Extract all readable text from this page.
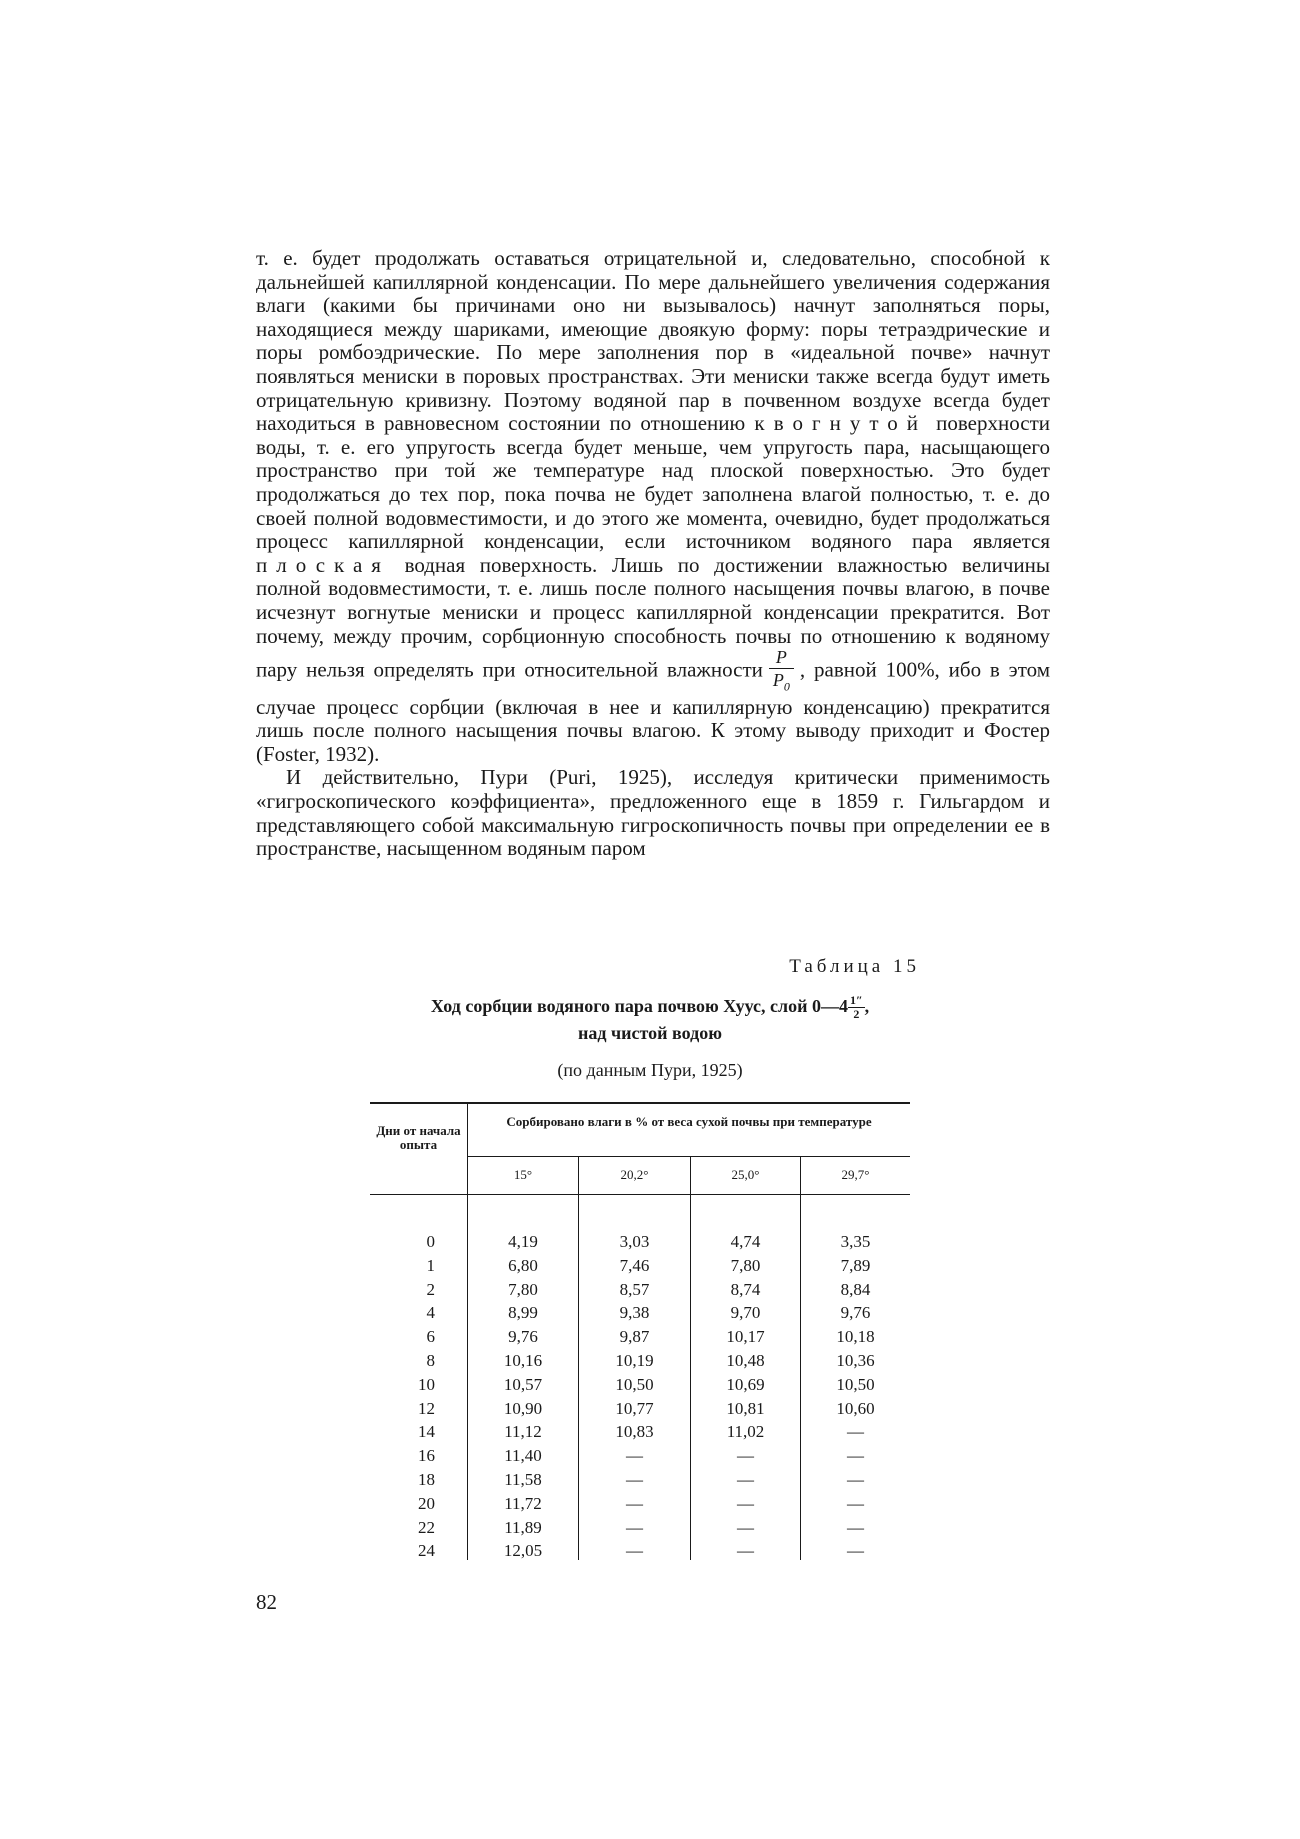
т. е. будет продолжать оставаться отрицательной и, следовательно, способной к дальнейшей капиллярной конденсации. По мере дальнейшего увеличения содержания влаги (какими бы причинами оно ни вызывалось) начнут заполняться поры, находящиеся между шариками, имеющие двоякую форму: поры тетраэдрические и поры ромбоэдрические. По мере заполнения пор в «идеальной почве» начнут появляться мениски в поровых пространствах. Эти мениски также всегда будут иметь отрицательную кривизну. Поэтому водяной пар в почвенном воздухе всегда будет находиться в равновесном состоянии по отношению к вогнутой поверхности воды, т. е. его упругость всегда будет меньше, чем упругость пара, насыщающего пространство при той же температуре над плоской поверхностью. Это будет продолжаться до тех пор, пока почва не будет заполнена влагой полностью, т. е. до своей полной водовместимости, и до этого же момента, очевидно, будет продолжаться процесс капиллярной конденсации, если источником водяного пара является плоская водная поверхность. Лишь по достижении влажностью величины полной водовместимости, т. е. лишь после полного насыщения почвы влагою, в почве исчезнут вогнутые мениски и процесс капиллярной конденсации прекратится. Вот почему, между прочим, сорбционную способность почвы по отношению к водяному пару нельзя определять при относительной влажности $\frac{P}{P_0}$ , равной 100%, ибо в этом случае процесс сорбции (включая в нее и капиллярную конденсацию) прекратится лишь после полного насыщения почвы влагою. К этому выводу приходит и Фостер (Foster, 1932).

И действительно, Пури (Puri, 1925), исследуя критически применимость «гигроскопического коэффициента», предложенного еще в 1859 г. Гильгардом и представляющего собой максимальную гигроскопичность почвы при определении ее в пространстве, насыщенном водяным паром

Таблица 15
Ход сорбции водяного пара почвою Хуус, слой 0—4 $\frac{1''}{2}$ ,
над чистой водою
(по данным Пури, 1925)
Дни от начала опыта
Сорбировано влаги в % от веса сухой почвы при температуре
15°	20,2°	25,0°	29,7°
0	4,19	3,03	4,74	3,35
1	6,80	7,46	7,80	7,89
2	7,80	8,57	8,74	8,84
4	8,99	9,38	9,70	9,76
6	9,76	9,87	10,17	10,18
8	10,16	10,19	10,48	10,36
10	10,57	10,50	10,69	10,50
12	10,90	10,77	10,81	10,60
14	11,12	10,83	11,02	—
16	11,40	—	—	—
18	11,58	—	—	—
20	11,72	—	—	—
22	11,89	—	—	—
24	12,05	—	—	—
82
